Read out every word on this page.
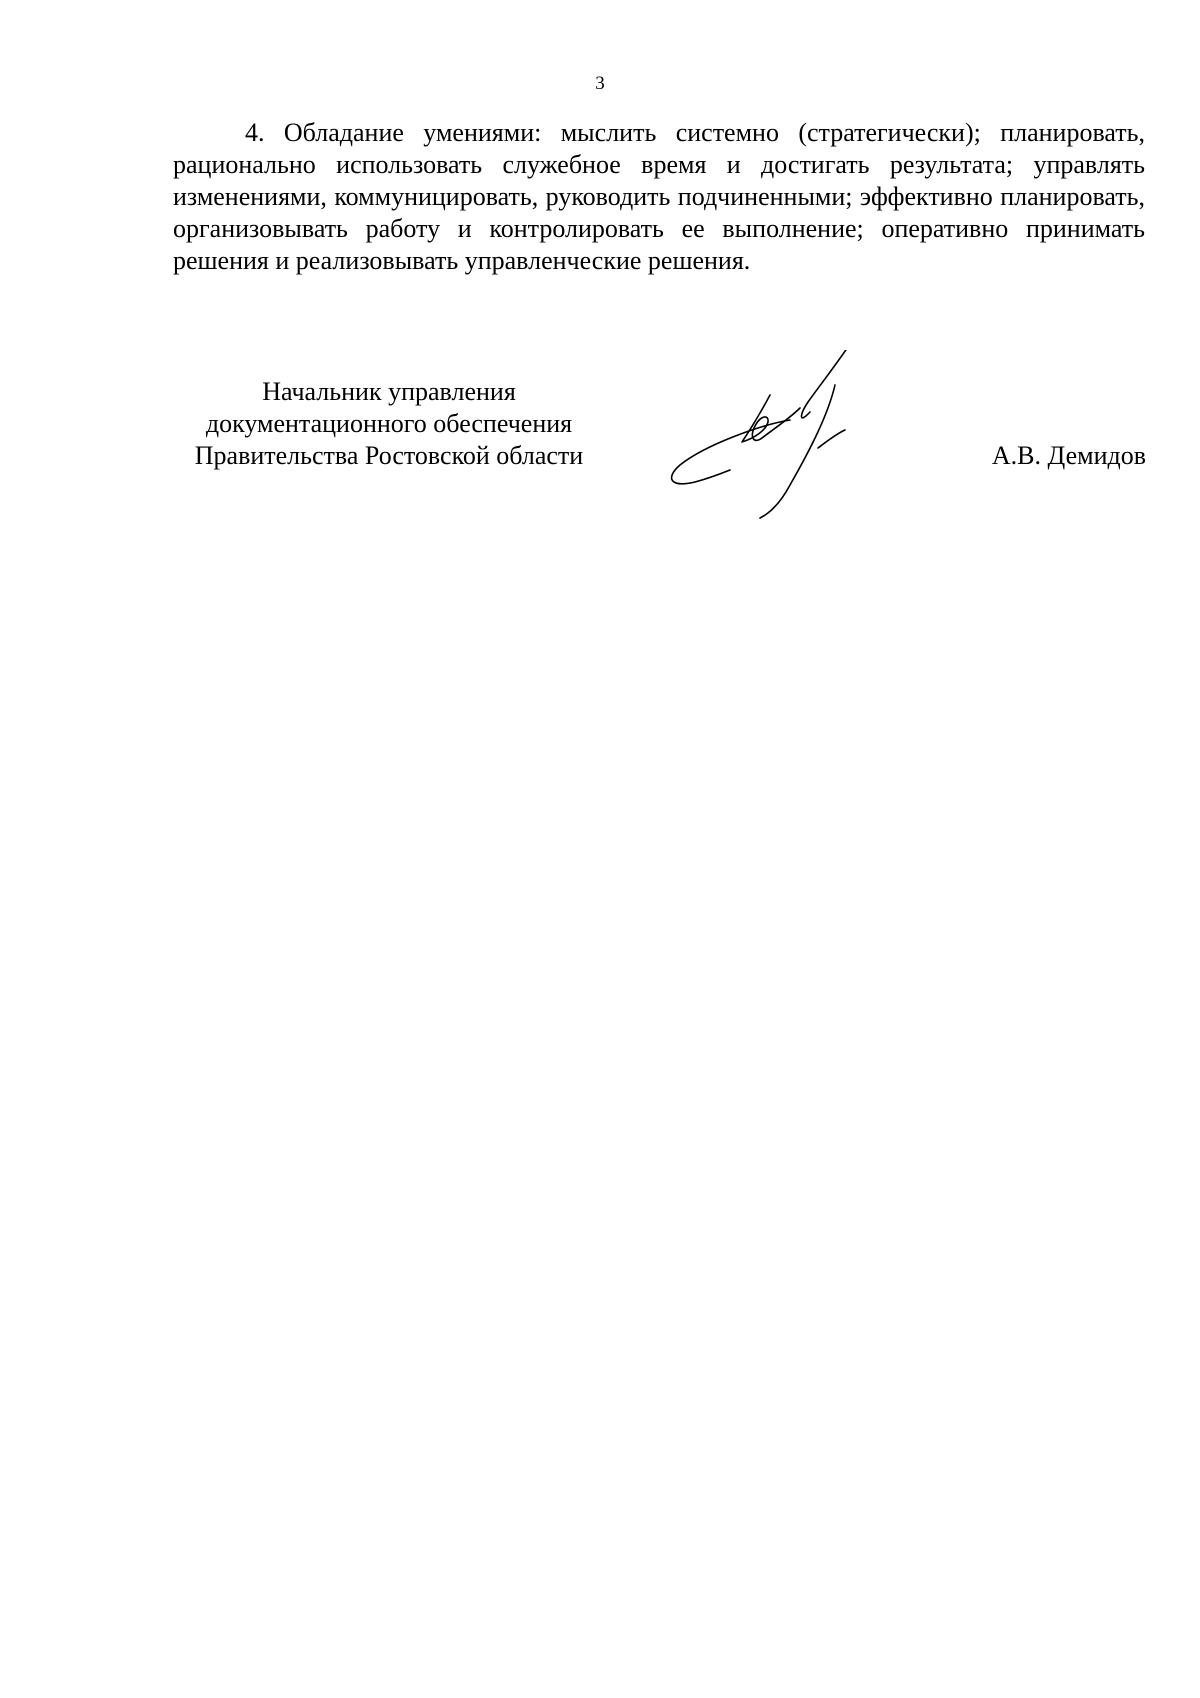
3

4. Обладание умениями: мыслить системно (стратегически); планировать, рационально использовать служебное время и достигать результата; управлять изменениями, коммуницировать, руководить подчиненными; эффективно планировать, организовывать работу и контролировать ее выполнение; оперативно принимать решения и реализовывать управленческие решения.

Начальник управления
документационного обеспечения
Правительства Ростовской области	А.В. Демидов
